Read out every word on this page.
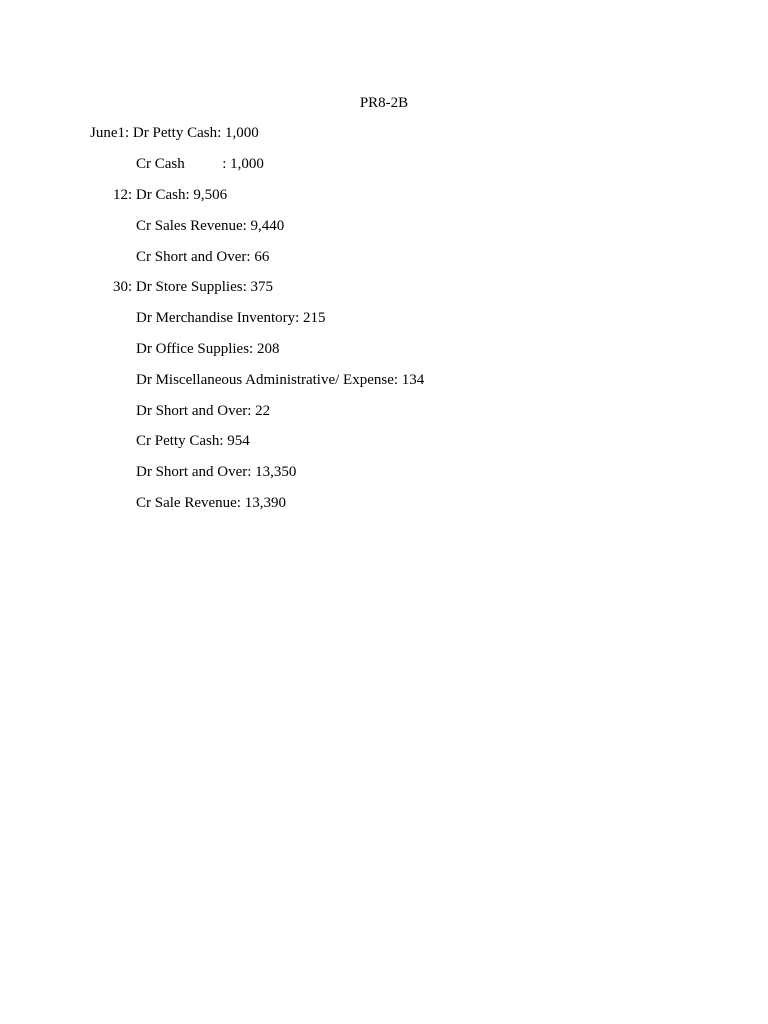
PR8-2B
June1: Dr Petty Cash: 1,000
Cr Cash          : 1,000
12: Dr Cash: 9,506
Cr Sales Revenue: 9,440
Cr Short and Over: 66
30: Dr Store Supplies: 375
Dr Merchandise Inventory: 215
Dr Office Supplies: 208
Dr Miscellaneous Administrative/ Expense: 134
Dr Short and Over: 22
Cr Petty Cash: 954
Dr Short and Over: 13,350
Cr Sale Revenue: 13,390
